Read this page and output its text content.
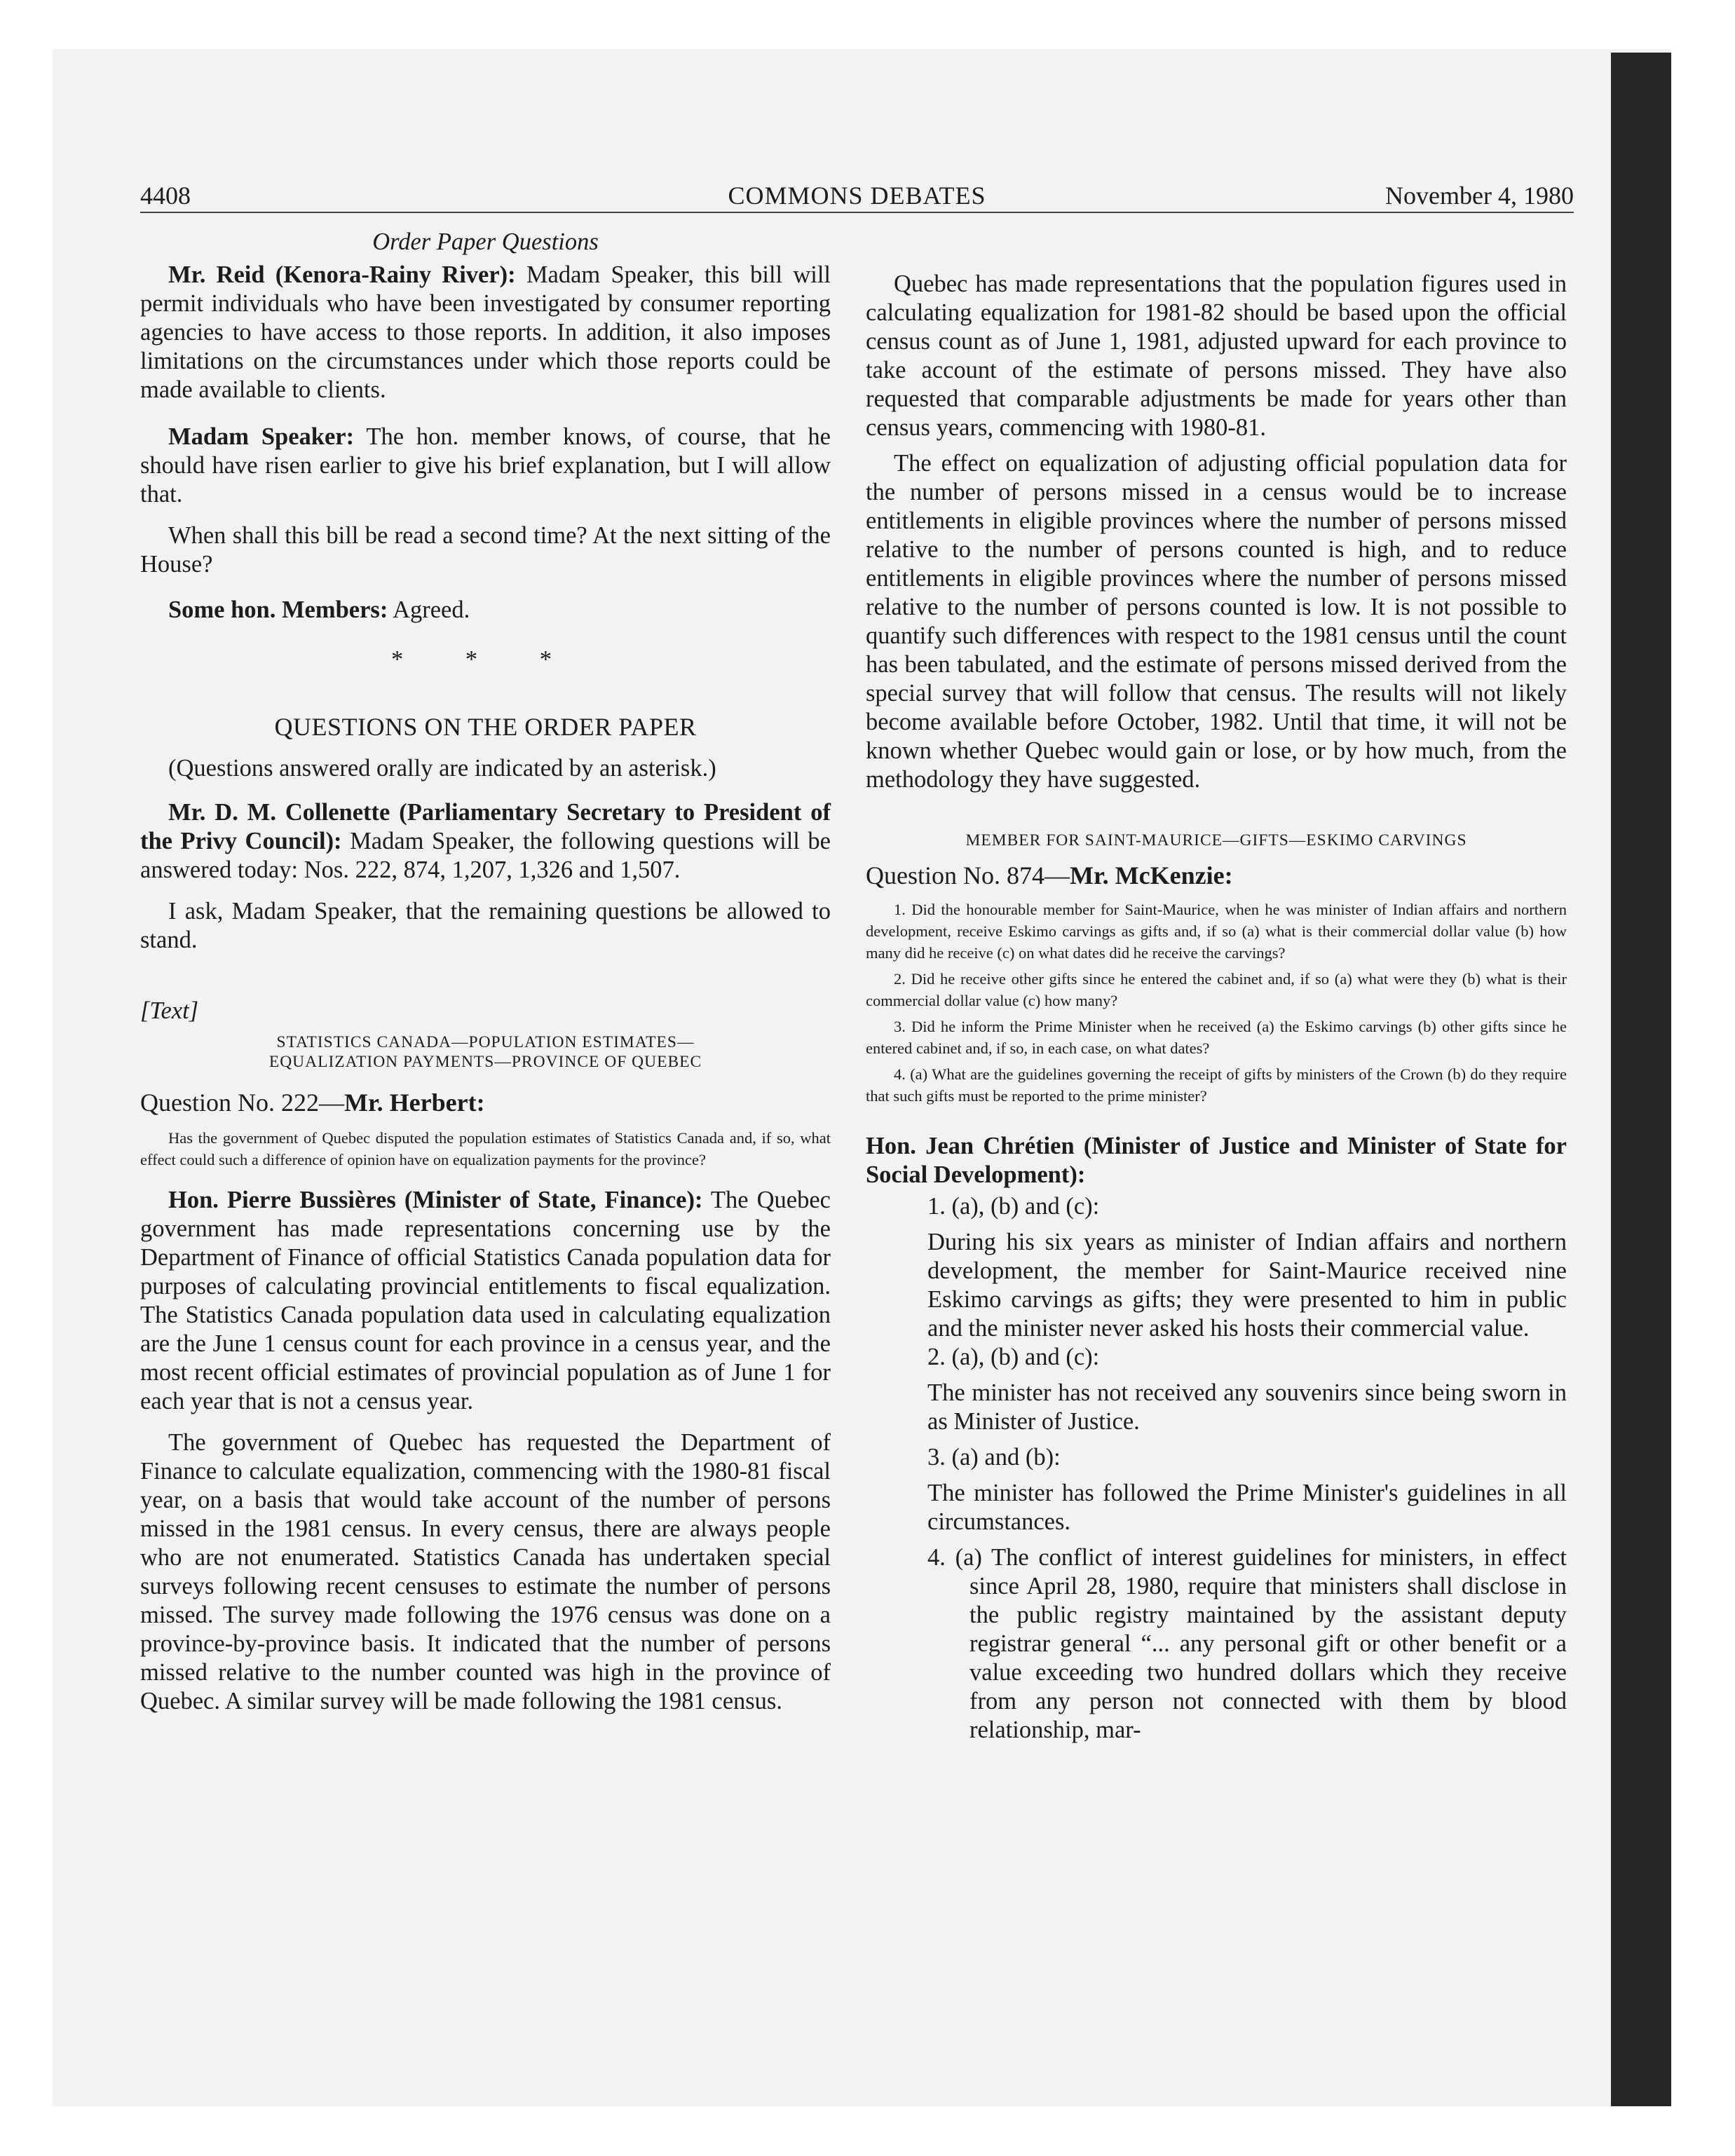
4408	COMMONS DEBATES	November 4, 1980

Order Paper Questions

Mr. Reid (Kenora-Rainy River): Madam Speaker, this bill will permit individuals who have been investigated by consumer reporting agencies to have access to those reports. In addition, it also imposes limitations on the circumstances under which those reports could be made available to clients.

Madam Speaker: The hon. member knows, of course, that he should have risen earlier to give his brief explanation, but I will allow that.

When shall this bill be read a second time? At the next sitting of the House?

Some hon. Members: Agreed.

* * *

QUESTIONS ON THE ORDER PAPER

(Questions answered orally are indicated by an asterisk.)

Mr. D. M. Collenette (Parliamentary Secretary to President of the Privy Council): Madam Speaker, the following questions will be answered today: Nos. 222, 874, 1,207, 1,326 and 1,507.

I ask, Madam Speaker, that the remaining questions be allowed to stand.

[Text]

STATISTICS CANADA—POPULATION ESTIMATES—
EQUALIZATION PAYMENTS—PROVINCE OF QUEBEC

Question No. 222—Mr. Herbert:

Has the government of Quebec disputed the population estimates of Statistics Canada and, if so, what effect could such a difference of opinion have on equalization payments for the province?

Hon. Pierre Bussières (Minister of State, Finance): The Quebec government has made representations concerning use by the Department of Finance of official Statistics Canada population data for purposes of calculating provincial entitlements to fiscal equalization. The Statistics Canada population data used in calculating equalization are the June 1 census count for each province in a census year, and the most recent official estimates of provincial population as of June 1 for each year that is not a census year.

The government of Quebec has requested the Department of Finance to calculate equalization, commencing with the 1980-81 fiscal year, on a basis that would take account of the number of persons missed in the 1981 census. In every census, there are always people who are not enumerated. Statistics Canada has undertaken special surveys following recent censuses to estimate the number of persons missed. The survey made following the 1976 census was done on a province-by-province basis. It indicated that the number of persons missed relative to the number counted was high in the province of Quebec. A similar survey will be made following the 1981 census.

Quebec has made representations that the population figures used in calculating equalization for 1981-82 should be based upon the official census count as of June 1, 1981, adjusted upward for each province to take account of the estimate of persons missed. They have also requested that comparable adjustments be made for years other than census years, commencing with 1980-81.

The effect on equalization of adjusting official population data for the number of persons missed in a census would be to increase entitlements in eligible provinces where the number of persons missed relative to the number of persons counted is high, and to reduce entitlements in eligible provinces where the number of persons missed relative to the number of persons counted is low. It is not possible to quantify such differences with respect to the 1981 census until the count has been tabulated, and the estimate of persons missed derived from the special survey that will follow that census. The results will not likely become available before October, 1982. Until that time, it will not be known whether Quebec would gain or lose, or by how much, from the methodology they have suggested.

MEMBER FOR SAINT-MAURICE—GIFTS—ESKIMO CARVINGS

Question No. 874—Mr. McKenzie:

1. Did the honourable member for Saint-Maurice, when he was minister of Indian affairs and northern development, receive Eskimo carvings as gifts and, if so (a) what is their commercial dollar value (b) how many did he receive (c) on what dates did he receive the carvings?

2. Did he receive other gifts since he entered the cabinet and, if so (a) what were they (b) what is their commercial dollar value (c) how many?

3. Did he inform the Prime Minister when he received (a) the Eskimo carvings (b) other gifts since he entered cabinet and, if so, in each case, on what dates?

4. (a) What are the guidelines governing the receipt of gifts by ministers of the Crown (b) do they require that such gifts must be reported to the prime minister?

Hon. Jean Chrétien (Minister of Justice and Minister of State for Social Development):

1. (a), (b) and (c):

During his six years as minister of Indian affairs and northern development, the member for Saint-Maurice received nine Eskimo carvings as gifts; they were presented to him in public and the minister never asked his hosts their commercial value.

2. (a), (b) and (c):

The minister has not received any souvenirs since being sworn in as Minister of Justice.

3. (a) and (b):

The minister has followed the Prime Minister's guidelines in all circumstances.

4. (a) The conflict of interest guidelines for ministers, in effect since April 28, 1980, require that ministers shall disclose in the public registry maintained by the assistant deputy registrar general “... any personal gift or other benefit or a value exceeding two hundred dollars which they receive from any person not connected with them by blood relationship, mar-
